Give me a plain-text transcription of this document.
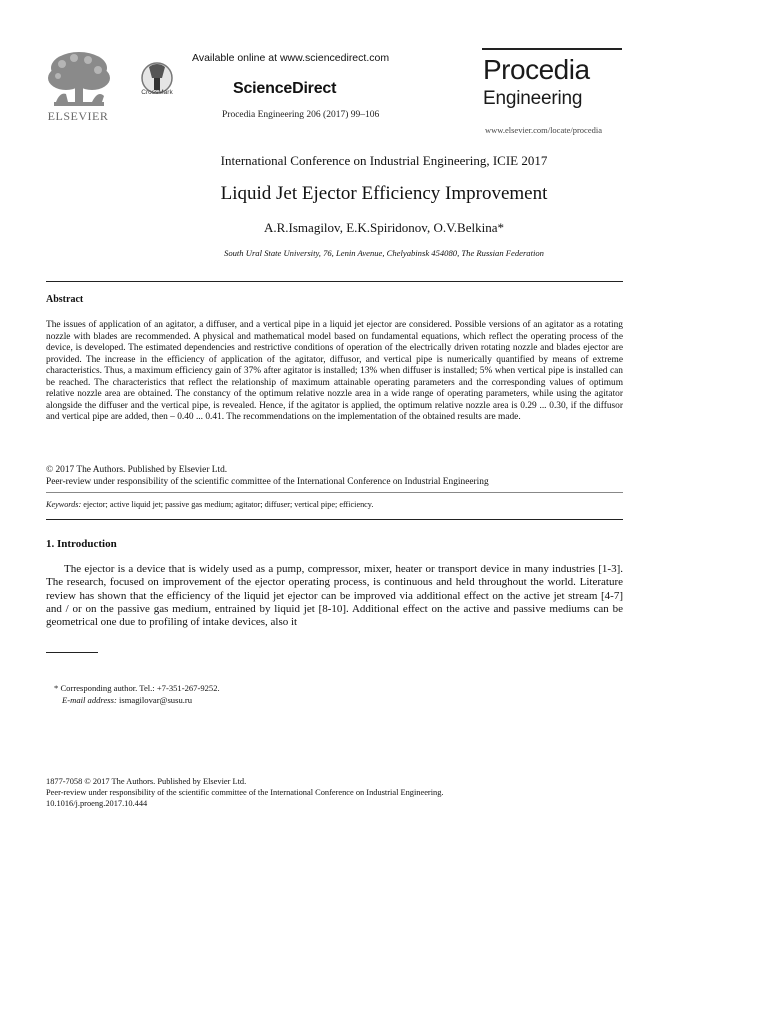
ELSEVIER
CrossMark
Available online at www.sciencedirect.com
ScienceDirect
Procedia Engineering 206 (2017) 99–106
Procedia
Engineering
www.elsevier.com/locate/procedia
International Conference on Industrial Engineering, ICIE 2017
Liquid Jet Ejector Efficiency Improvement
A.R.Ismagilov, E.K.Spiridonov, O.V.Belkina*
South Ural State University, 76, Lenin Avenue, Chelyabinsk 454080, The Russian Federation
Abstract

The issues of application of an agitator, a diffuser, and a vertical pipe in a liquid jet ejector are considered. Possible versions of an agitator as a rotating nozzle with blades are recommended. A physical and mathematical model based on fundamental equations, which reflect the operating process of the device, is developed. The estimated dependencies and restrictive conditions of operation of the electrically driven rotating nozzle and blades ejector are provided. The increase in the efficiency of application of the agitator, diffusor, and vertical pipe is numerically quantified by means of extreme characteristics. Thus, a maximum efficiency gain of 37% after agitator is installed; 13% when diffuser is installed; 5% when vertical pipe is installed can be reached. The characteristics that reflect the relationship of maximum attainable operating parameters and the corresponding values of optimum relative nozzle area are obtained. The constancy of the optimum relative nozzle area in a wide range of operating parameters, while using the agitator alongside the diffuser and the vertical pipe, is revealed. Hence, if the agitator is applied, the optimum relative nozzle area is 0.29 ... 0.30, if the diffusor and vertical pipe are added, then – 0.40 ... 0.41. The recommendations on the implementation of the obtained results are made.

© 2017 The Authors. Published by Elsevier Ltd.
Peer-review under responsibility of the scientific committee of the International Conference on Industrial Engineering
Keywords: ejector; active liquid jet; passive gas medium; agitator; diffuser; vertical pipe; efficiency.
1. Introduction

The ejector is a device that is widely used as a pump, compressor, mixer, heater or transport device in many industries [1-3]. The research, focused on improvement of the ejector operating process, is continuous and held throughout the world. Literature review has shown that the efficiency of the liquid jet ejector can be improved via additional effect on the active jet stream [4-7] and / or on the passive gas medium, entrained by liquid jet [8-10]. Additional effect on the active and passive mediums can be geometrical one due to profiling of intake devices, also it

* Corresponding author. Tel.: +7-351-267-9252.
E-mail address: ismagilovar@susu.ru
1877-7058 © 2017 The Authors. Published by Elsevier Ltd.
Peer-review under responsibility of the scientific committee of the International Conference on Industrial Engineering.
10.1016/j.proeng.2017.10.444
